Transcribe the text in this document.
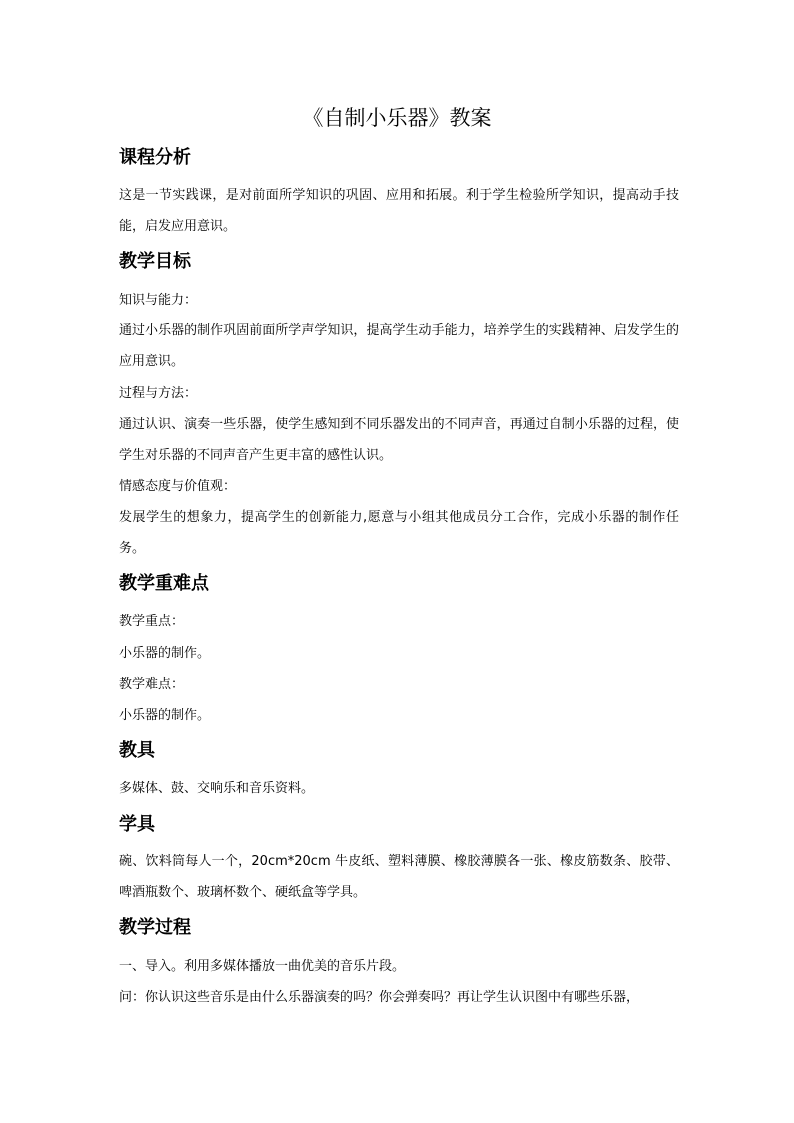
《自制小乐器》教案
课程分析
这是一节实践课，是对前面所学知识的巩固、应用和拓展。利于学生检验所学知识，提高动手技能，启发应用意识。
教学目标
知识与能力：
通过小乐器的制作巩固前面所学声学知识，提高学生动手能力，培养学生的实践精神、启发学生的应用意识。
过程与方法：
通过认识、演奏一些乐器，使学生感知到不同乐器发出的不同声音，再通过自制小乐器的过程，使学生对乐器的不同声音产生更丰富的感性认识。
情感态度与价值观：
发展学生的想象力，提高学生的创新能力,愿意与小组其他成员分工合作，完成小乐器的制作任务。
教学重难点
教学重点：
小乐器的制作。
教学难点：
小乐器的制作。
教具
多媒体、鼓、交响乐和音乐资料。
学具
碗、饮料筒每人一个，20cm*20cm 牛皮纸、塑料薄膜、橡胶薄膜各一张、橡皮筋数条、胶带、啤酒瓶数个、玻璃杯数个、硬纸盒等学具。
教学过程
一、导入。利用多媒体播放一曲优美的音乐片段。
问：你认识这些音乐是由什么乐器演奏的吗？你会弹奏吗？再让学生认识图中有哪些乐器，
